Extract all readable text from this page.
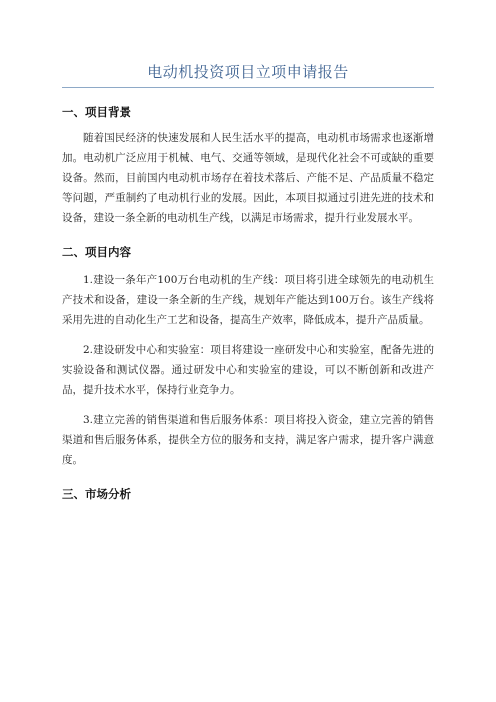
电动机投资项目立项申请报告
一、项目背景

随着国民经济的快速发展和人民生活水平的提高，电动机市场需求也逐渐增加。电动机广泛应用于机械、电气、交通等领域，是现代化社会不可或缺的重要设备。然而，目前国内电动机市场存在着技术落后、产能不足、产品质量不稳定等问题，严重制约了电动机行业的发展。因此，本项目拟通过引进先进的技术和设备，建设一条全新的电动机生产线，以满足市场需求，提升行业发展水平。

二、项目内容

1.建设一条年产100万台电动机的生产线：项目将引进全球领先的电动机生产技术和设备，建设一条全新的生产线，规划年产能达到100万台。该生产线将采用先进的自动化生产工艺和设备，提高生产效率，降低成本，提升产品质量。

2.建设研发中心和实验室：项目将建设一座研发中心和实验室，配备先进的实验设备和测试仪器。通过研发中心和实验室的建设，可以不断创新和改进产品，提升技术水平，保持行业竞争力。

3.建立完善的销售渠道和售后服务体系：项目将投入资金，建立完善的销售渠道和售后服务体系，提供全方位的服务和支持，满足客户需求，提升客户满意度。

三、市场分析
